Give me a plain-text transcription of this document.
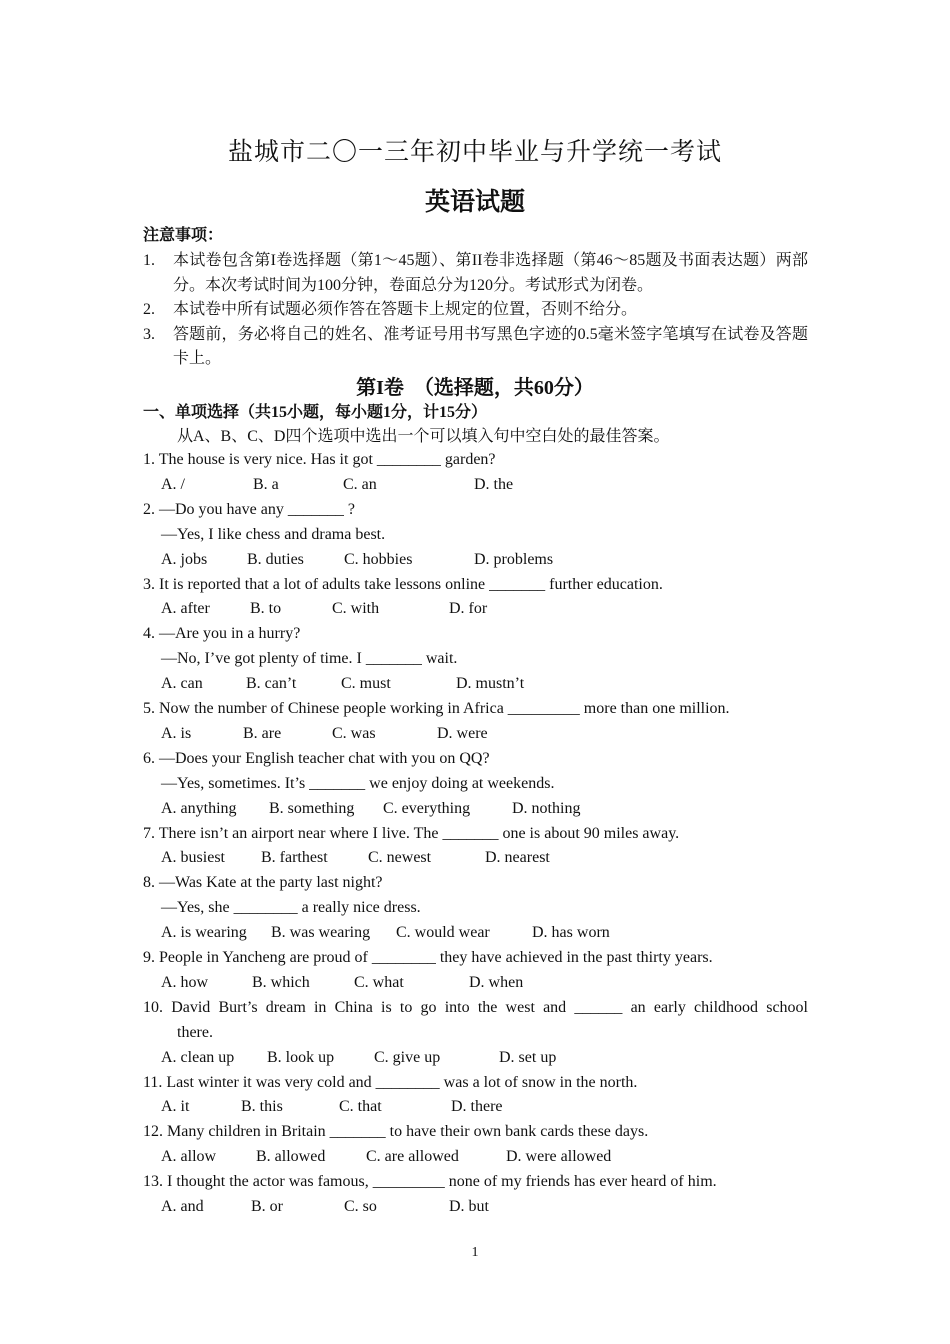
盐城市二〇一三年初中毕业与升学统一考试
英语试题
注意事项：
1.	本试卷包含第I卷选择题（第1～45题）、第II卷非选择题（第46～85题及书面表达题）两部分。本次考试时间为100分钟，卷面总分为120分。考试形式为闭卷。
2.	本试卷中所有试题必须作答在答题卡上规定的位置，否则不给分。
3.	答题前，务必将自己的姓名、准考证号用书写黑色字迹的0.5毫米签字笔填写在试卷及答题卡上。
第I卷　（选择题，共60分）
一、单项选择（共15小题，每小题1分，计15分）
从A、B、C、D四个选项中选出一个可以填入句中空白处的最佳答案。
1. The house is very nice. Has it got ________ garden?
A. /	B. a	C. an	D. the
2. —Do you have any _______ ?
—Yes, I like chess and drama best.
A. jobs B. duties	C. hobbies	D. problems
3. It is reported that a lot of adults take lessons online _______ further education.
A. after	B. to	C. with	D. for
4. —Are you in a hurry?
—No, I’ve got plenty of time. I _______ wait.
A. can	B. can’t	C. must	D. mustn’t
5. Now the number of Chinese people working in Africa _________ more than one million.
A. is	B. are	C. was	D. were
6. —Does your English teacher chat with you on QQ?
—Yes, sometimes. It’s _______ we enjoy doing at weekends.
A. anything B. something C. everything	D. nothing
7. There isn’t an airport near where I live. The _______ one is about 90 miles away.
A. busiest B. farthest	C. newest	D. nearest
8. —Was Kate at the party last night?
—Yes, she ________ a really nice dress.
A. is wearing B. was wearing C. would wear	D. has worn
9. People in Yancheng are proud of ________ they have achieved in the past thirty years.
A. how	B. which	C. what	D. when
10. David Burt’s dream in China is to go into the west and ______ an early childhood school
there.
A. clean up B. look up C. give up	D. set up
11. Last winter it was very cold and ________ was a lot of snow in the north.
A. it	B. this	C. that	D. there
12. Many children in Britain _______ to have their own bank cards these days.
A. allow B. allowed	C. are allowed	D. were allowed
13. I thought the actor was famous, _________ none of my friends has ever heard of him.
A. and	B. or	C. so	D. but
1
